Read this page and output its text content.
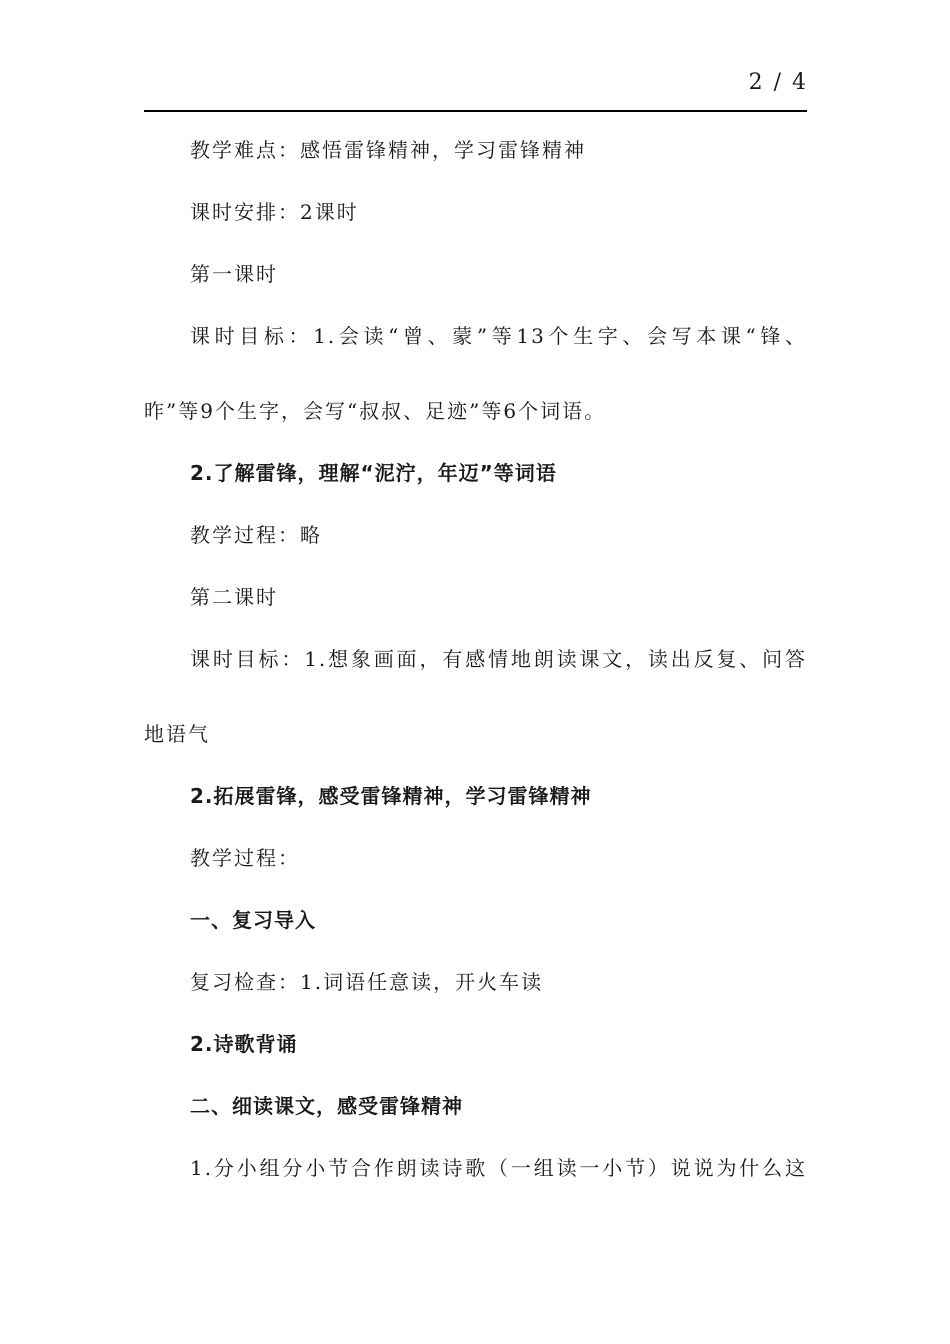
2 / 4

教学难点：感悟雷锋精神，学习雷锋精神

课时安排：2课时

第一课时

课时目标：1.会读“曾、蒙”等13个生字、会写本课“锋、

昨”等9个生字，会写“叔叔、足迹”等6个词语。

2.了解雷锋，理解“泥泞，年迈”等词语

教学过程：略

第二课时

课时目标：1.想象画面，有感情地朗读课文，读出反复、问答

地语气

2.拓展雷锋，感受雷锋精神，学习雷锋精神

教学过程：

一、复习导入

复习检查：1.词语任意读，开火车读

2.诗歌背诵

二、细读课文，感受雷锋精神

1.分小组分小节合作朗读诗歌（一组读一小节）说说为什么这
